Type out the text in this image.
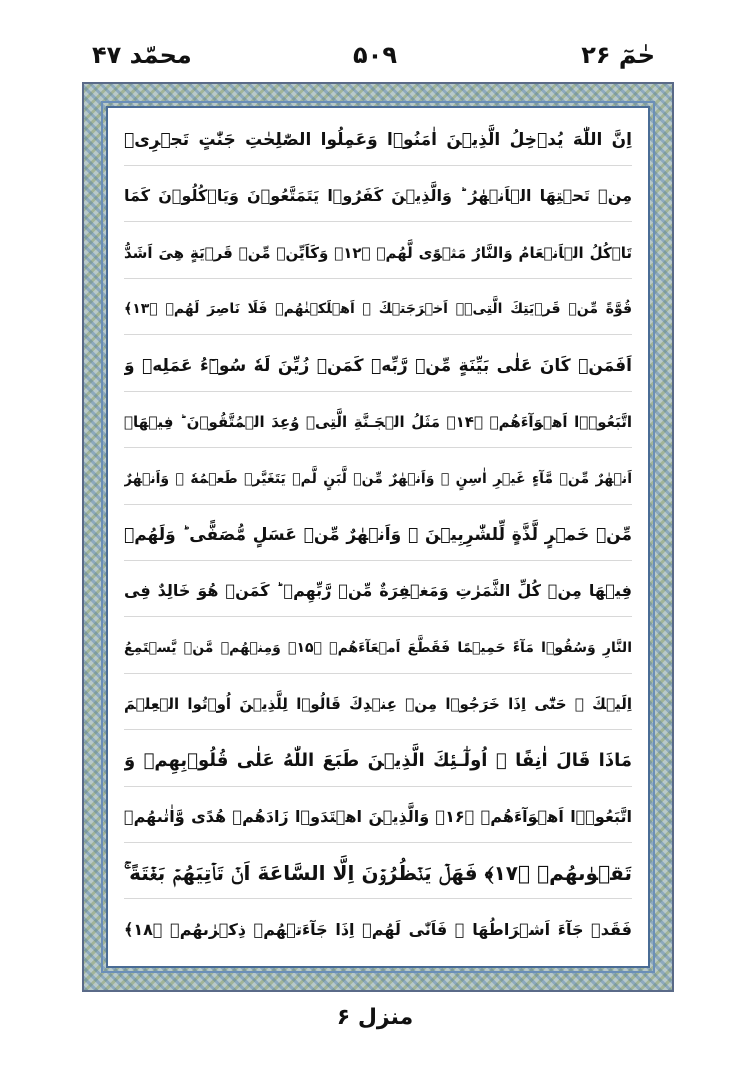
حٰمٓ ۲۶
۵۰۹
محمّد ۴۷
اِنَّ اللّٰهَ يُدۡخِلُ الَّذِيۡنَ اٰمَنُوۡا وَعَمِلُوا الصّٰلِحٰتِ جَنّٰتٍ تَجۡرِىۡ
مِنۡ تَحۡتِهَا الۡاَنۡهٰرُ ؕ وَالَّذِيۡنَ كَفَرُوۡا يَتَمَتَّعُوۡنَ وَيَاۡكُلُوۡنَ كَمَا
تَاۡكُلُ الۡاَنۡعَامُ وَالنَّارُ مَثۡوًى لَّهُمۡ ﴿۱۲﴾ وَكَاَيِّنۡ مِّنۡ قَرۡيَةٍ هِىَ اَشَدُّ
قُوَّةً مِّنۡ قَرۡيَتِكَ الَّتِىۡۤ اَخۡرَجَتۡكَ ۚ اَهۡلَكۡنٰهُمۡ فَلَا نَاصِرَ لَهُمۡ ﴿۱۳﴾
اَفَمَنۡ كَانَ عَلٰى بَيِّنَةٍ مِّنۡ رَّبِّهٖ كَمَنۡ زُيِّنَ لَهٗ سُوۡٓءُ عَمَلِهٖ وَ
اتَّبَعُوۡۤا اَهۡوَآءَهُمۡ ﴿۱۴﴾ مَثَلُ الۡجَـنَّةِ الَّتِىۡ وُعِدَ الۡمُتَّقُوۡنَ ؕ فِيۡهَاۤ
اَنۡهٰرٌ مِّنۡ مَّآءٍ غَيۡرِ اٰسِنٍ ۚ وَاَنۡهٰرٌ مِّنۡ لَّبَنٍ لَّمۡ يَتَغَيَّرۡ طَعۡمُهٗ ۚ وَاَنۡهٰرٌ
مِّنۡ خَمۡرٍ لَّذَّةٍ لِّلشّٰرِبِيۡنَ ۚ وَاَنۡهٰرٌ مِّنۡ عَسَلٍ مُّصَفًّى ؕ وَلَهُمۡ
فِيۡهَا مِنۡ كُلِّ الثَّمَرٰتِ وَمَغۡفِرَةٌ مِّنۡ رَّبِّهِمۡ ؕ كَمَنۡ هُوَ خَالِدٌ فِى
النَّارِ وَسُقُوۡا مَآءً حَمِيۡمًا فَقَطَّعَ اَمۡعَآءَهُمۡ ﴿۱۵﴾ وَمِنۡهُمۡ مَّنۡ يَّسۡتَمِعُ
اِلَيۡكَ ۚ حَتّٰٓى اِذَا خَرَجُوۡا مِنۡ عِنۡدِكَ قَالُوۡا لِلَّذِيۡنَ اُوۡتُوا الۡعِلۡمَ
مَاذَا قَالَ اٰنِفًا ۗ اُولٰٓـئِكَ الَّذِيۡنَ طَبَعَ اللّٰهُ عَلٰى قُلُوۡبِهِمۡ وَ
اتَّبَعُوۡۤا اَهۡوَآءَهُمۡ ﴿۱۶﴾ وَالَّذِيۡنَ اهۡتَدَوۡا زَادَهُمۡ هُدًى وَّاٰتٰٮهُمۡ
تَقۡوٰٮهُمۡ ﴿۱۷﴾ فَهَلۡ يَنۡظُرُوۡنَ اِلَّا السَّاعَةَ اَنۡ تَاۡتِيَهُمۡ بَغۡتَةً ۚ
فَقَدۡ جَآءَ اَشۡرَاطُهَا ۚ فَاَنّٰى لَهُمۡ اِذَا جَآءَتۡهُمۡ ذِكۡرٰٮهُمۡ ﴿۱۸﴾
منزل ۶
